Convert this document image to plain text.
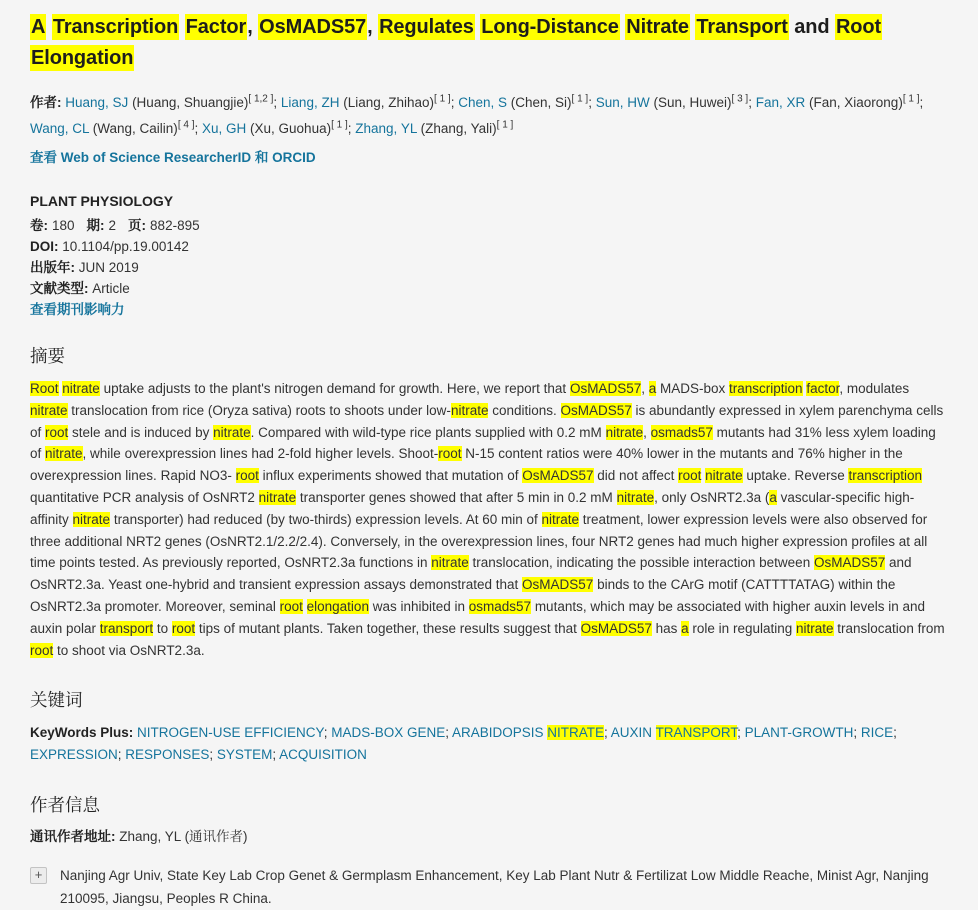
A Transcription Factor, OsMADS57, Regulates Long-Distance Nitrate Transport and Root Elongation

作者: Huang, SJ (Huang, Shuangjie)[ 1,2 ]; Liang, ZH (Liang, Zhihao)[ 1 ]; Chen, S (Chen, Si)[ 1 ]; Sun, HW (Sun, Huwei)[ 3 ]; Fan, XR (Fan, Xiaorong)[ 1 ]; Wang, CL (Wang, Cailin)[ 4 ]; Xu, GH (Xu, Guohua)[ 1 ]; Zhang, YL (Zhang, Yali)[ 1 ]

查看 Web of Science ResearcherID 和 ORCID

PLANT PHYSIOLOGY

卷: 180 期: 2 页: 882-895

DOI: 10.1104/pp.19.00142

出版年: JUN 2019

文献类型: Article

查看期刊影响力

摘要

Root nitrate uptake adjusts to the plant's nitrogen demand for growth. Here, we report that OsMADS57, a MADS-box transcription factor, modulates nitrate translocation from rice (Oryza sativa) roots to shoots under low-nitrate conditions. OsMADS57 is abundantly expressed in xylem parenchyma cells of root stele and is induced by nitrate. Compared with wild-type rice plants supplied with 0.2 mM nitrate, osmads57 mutants had 31% less xylem loading of nitrate, while overexpression lines had 2-fold higher levels. Shoot-root N-15 content ratios were 40% lower in the mutants and 76% higher in the overexpression lines. Rapid NO3- root influx experiments showed that mutation of OsMADS57 did not affect root nitrate uptake. Reverse transcription quantitative PCR analysis of OsNRT2 nitrate transporter genes showed that after 5 min in 0.2 mM nitrate, only OsNRT2.3a (a vascular-specific high-affinity nitrate transporter) had reduced (by two-thirds) expression levels. At 60 min of nitrate treatment, lower expression levels were also observed for three additional NRT2 genes (OsNRT2.1/2.2/2.4). Conversely, in the overexpression lines, four NRT2 genes had much higher expression profiles at all time points tested. As previously reported, OsNRT2.3a functions in nitrate translocation, indicating the possible interaction between OsMADS57 and OsNRT2.3a. Yeast one-hybrid and transient expression assays demonstrated that OsMADS57 binds to the CArG motif (CATTTTATAG) within the OsNRT2.3a promoter. Moreover, seminal root elongation was inhibited in osmads57 mutants, which may be associated with higher auxin levels in and auxin polar transport to root tips of mutant plants. Taken together, these results suggest that OsMADS57 has a role in regulating nitrate translocation from root to shoot via OsNRT2.3a.

关键词

KeyWords Plus: NITROGEN-USE EFFICIENCY; MADS-BOX GENE; ARABIDOPSIS NITRATE; AUXIN TRANSPORT; PLANT-GROWTH; RICE; EXPRESSION; RESPONSES; SYSTEM; ACQUISITION

作者信息

通讯作者地址: Zhang, YL (通讯作者)

+	Nanjing Agr Univ, State Key Lab Crop Genet & Germplasm Enhancement, Key Lab Plant Nutr & Fertilizat Low Middle Reache, Minist Agr, Nanjing 210095, Jiangsu, Peoples R China.
